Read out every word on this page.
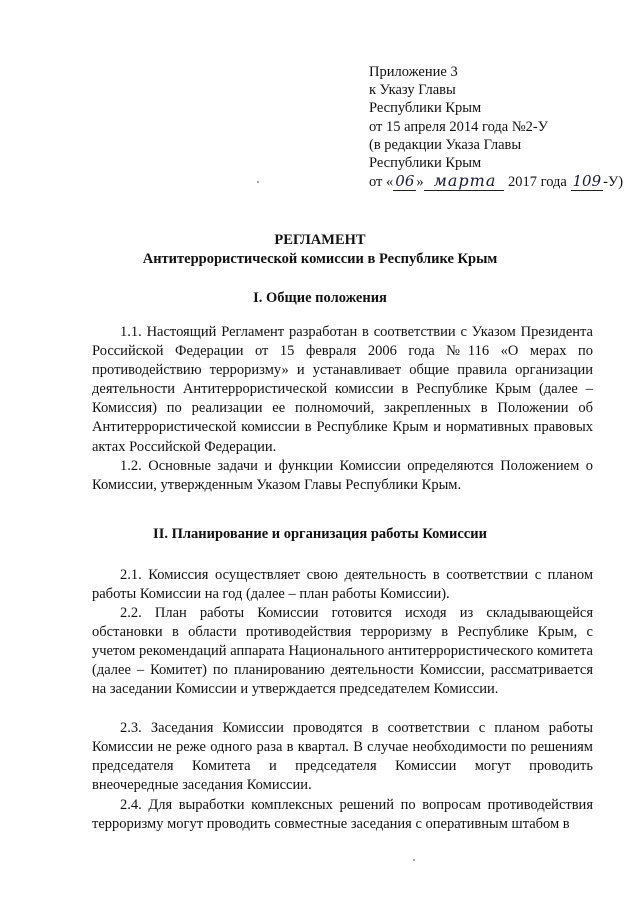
Приложение 3
к Указу Главы
Республики Крым
от 15 апреля 2014 года №2-У
(в редакции Указа Главы
Республики Крым
от « 06 » марта 2017 года 109 -У)
РЕГЛАМЕНТ
Антитеррористической комиссии в Республике Крым
I. Общие положения
1.1. Настоящий Регламент разработан в соответствии с Указом Президента Российской Федерации от 15 февраля 2006 года №116 «О мерах по противодействию терроризму» и устанавливает общие правила организации деятельности Антитеррористической комиссии в Республике Крым (далее – Комиссия) по реализации ее полномочий, закрепленных в Положении об Антитеррористической комиссии в Республике Крым и нормативных правовых актах Российской Федерации.
1.2. Основные задачи и функции Комиссии определяются Положением о Комиссии, утвержденным Указом Главы Республики Крым.
II. Планирование и организация работы Комиссии
2.1. Комиссия осуществляет свою деятельность в соответствии с планом работы Комиссии на год (далее – план работы Комиссии).
2.2. План работы Комиссии готовится исходя из складывающейся обстановки в области противодействия терроризму в Республике Крым, с учетом рекомендаций аппарата Национального антитеррористического комитета (далее – Комитет) по планированию деятельности Комиссии, рассматривается на заседании Комиссии и утверждается председателем Комиссии.
2.3. Заседания Комиссии проводятся в соответствии с планом работы Комиссии не реже одного раза в квартал. В случае необходимости по решениям председателя Комитета и председателя Комиссии могут проводить внеочередные заседания Комиссии.
2.4. Для выработки комплексных решений по вопросам противодействия терроризму могут проводить совместные заседания с оперативным штабом в
